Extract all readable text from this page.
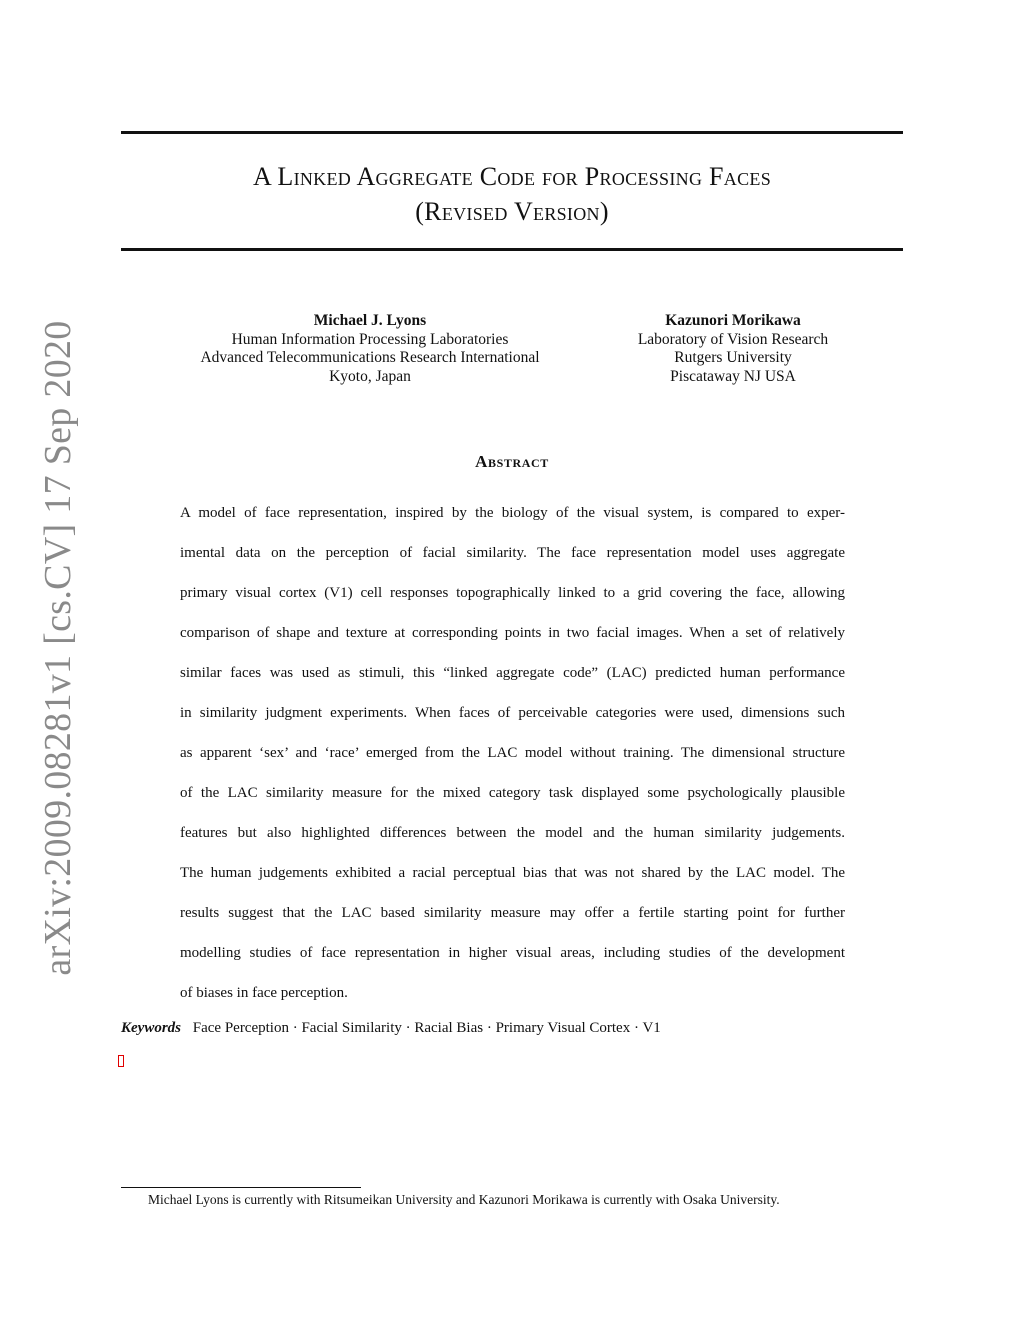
arXiv:2009.08281v1 [cs.CV] 17 Sep 2020
A Linked Aggregate Code for Processing Faces
(Revised Version)
Michael J. Lyons
Human Information Processing Laboratories
Advanced Telecommunications Research International
Kyoto, Japan
Kazunori Morikawa
Laboratory of Vision Research
Rutgers University
Piscataway NJ USA
Abstract
A model of face representation, inspired by the biology of the visual system, is compared to exper-
imental data on the perception of facial similarity. The face representation model uses aggregate
primary visual cortex (V1) cell responses topographically linked to a grid covering the face, allowing
comparison of shape and texture at corresponding points in two facial images. When a set of relatively
similar faces was used as stimuli, this “linked aggregate code” (LAC) predicted human performance
in similarity judgment experiments. When faces of perceivable categories were used, dimensions such
as apparent ‘sex’ and ‘race’ emerged from the LAC model without training. The dimensional structure
of the LAC similarity measure for the mixed category task displayed some psychologically plausible
features but also highlighted differences between the model and the human similarity judgements.
The human judgements exhibited a racial perceptual bias that was not shared by the LAC model. The
results suggest that the LAC based similarity measure may offer a fertile starting point for further
modelling studies of face representation in higher visual areas, including studies of the development
of biases in face perception.
Keywords Face Perception · Facial Similarity · Racial Bias · Primary Visual Cortex · V1
Michael Lyons is currently with Ritsumeikan University and Kazunori Morikawa is currently with Osaka University.
